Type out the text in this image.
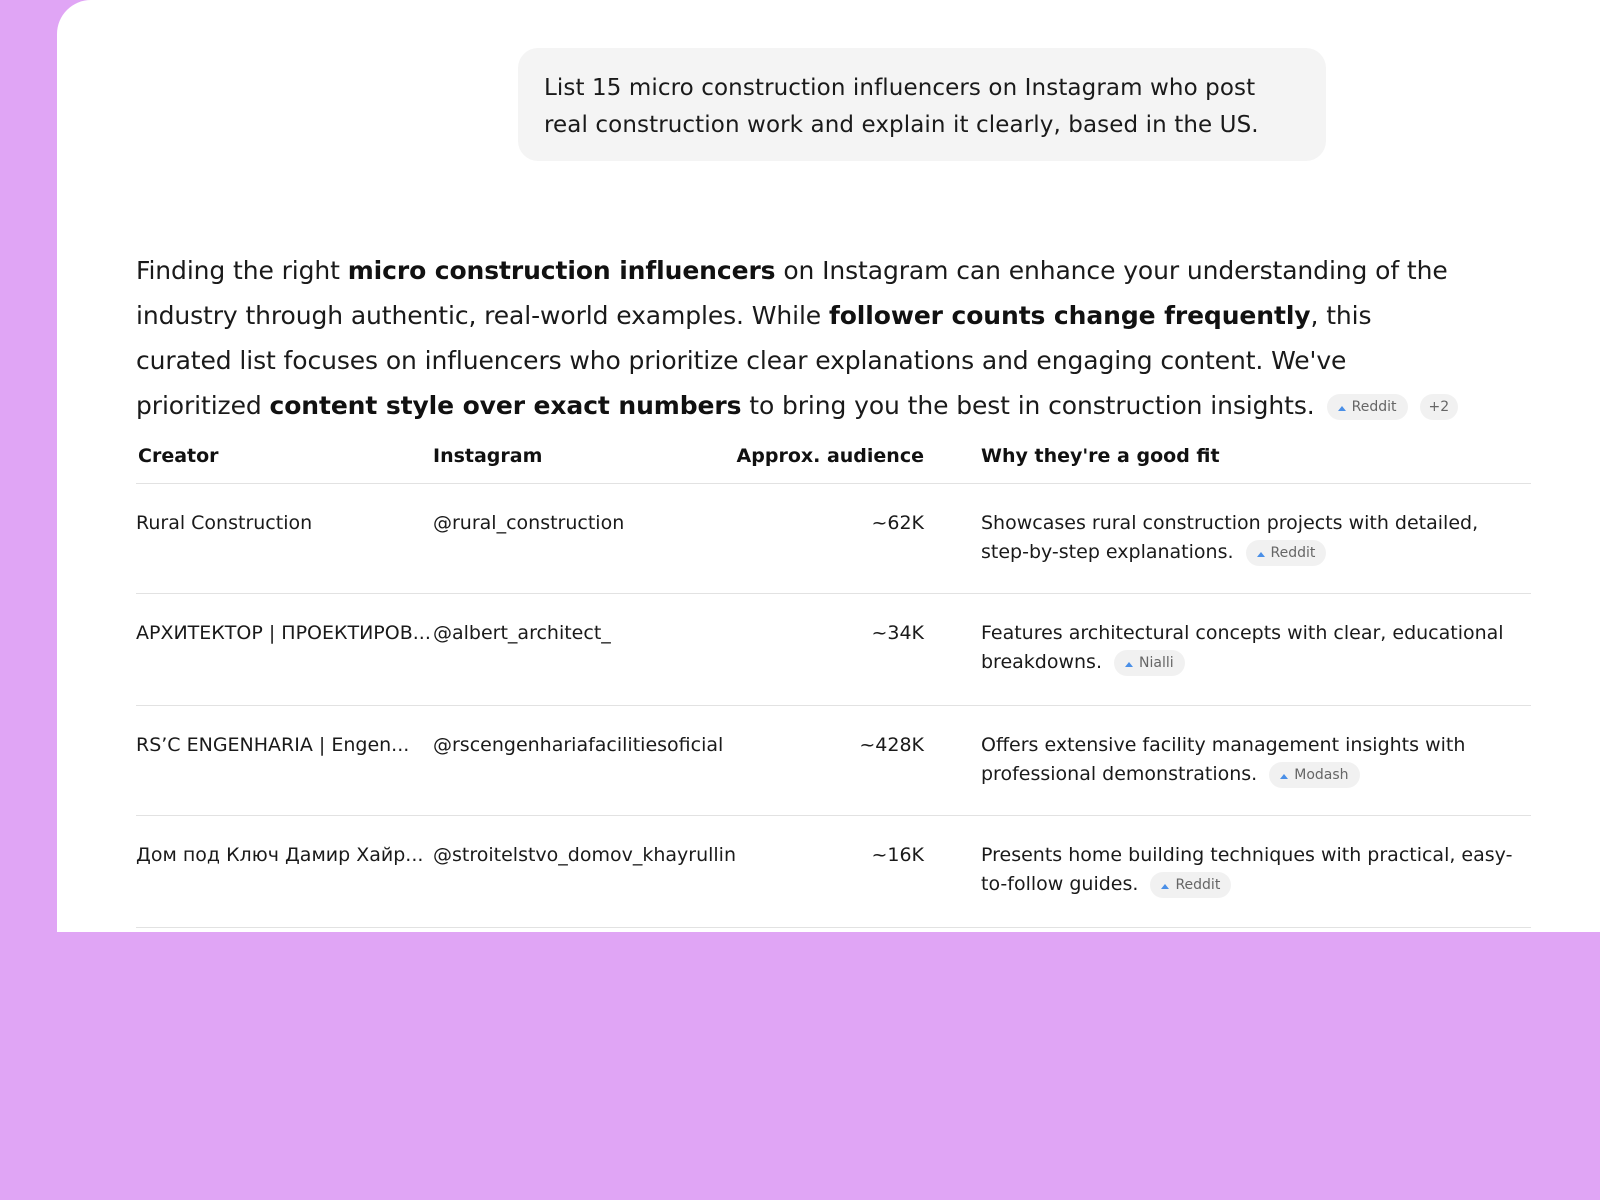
List 15 micro construction influencers on Instagram who post real construction work and explain it clearly, based in the US.
Finding the right micro construction influencers on Instagram can enhance your understanding of the industry through authentic, real-world examples. While follower counts change frequently, this curated list focuses on influencers who prioritize clear explanations and engaging content. We've prioritized content style over exact numbers to bring you the best in construction insights.	Reddit +2
Creator	Instagram	Approx. audience	Why they're a good fit
Rural Construction	@rural_construction	~62K	Showcases rural construction projects with detailed, step-by-step explanations.	Reddit
АРХИТЕКТОР | ПРОЕКТИРОВ... @albert_architect_	~34K	Features architectural concepts with clear, educational breakdowns.	Nialli
RS’C ENGENHARIA | Engen...	@rscengenhariafacilitiesoficial	~428K	Offers extensive facility management insights with professional demonstrations.	Modash
Дом под Ключ Дамир Хайр... @stroitelstvo_domov_khayrullin	~16K	Presents home building techniques with practical, easy-to-follow guides.	Reddit
